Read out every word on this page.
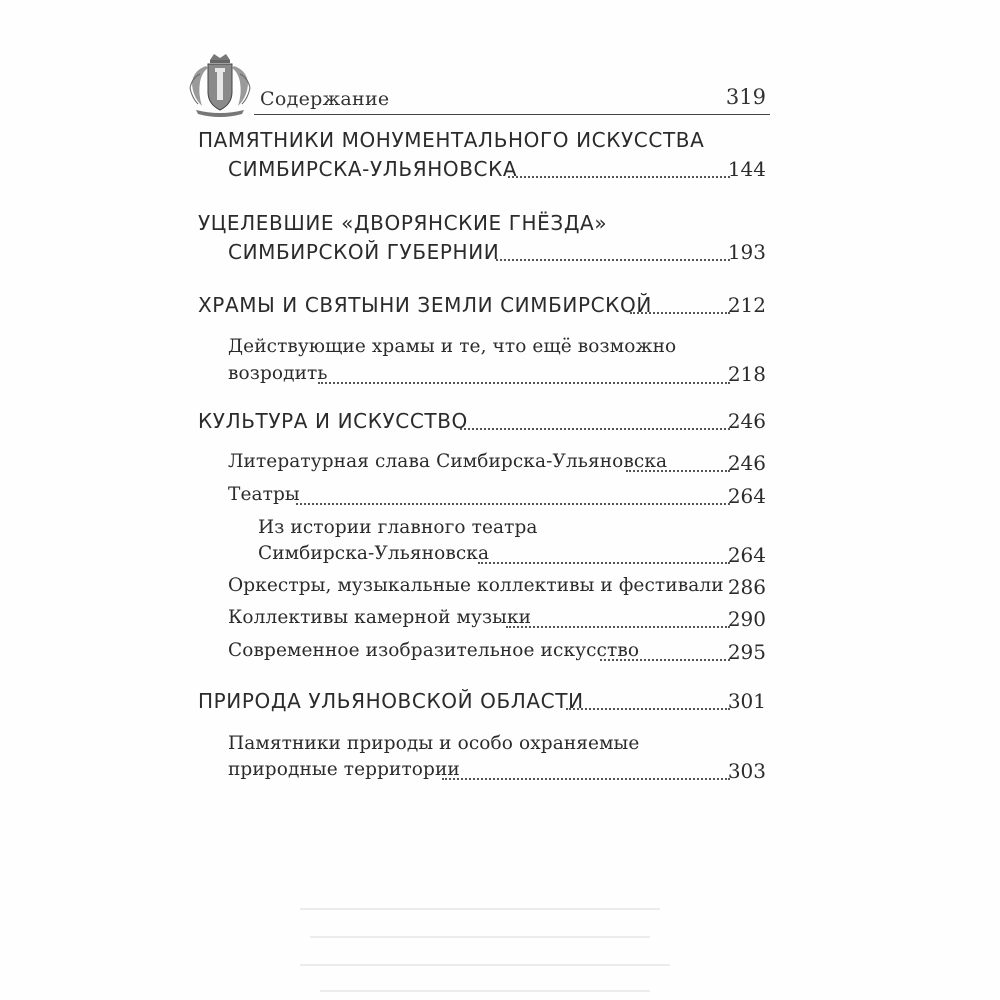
Содержание	319
ПАМЯТНИКИ МОНУМЕНТАЛЬНОГО ИСКУССТВА
СИМБИРСКА-УЛЬЯНОВСКА	144
УЦЕЛЕВШИЕ «ДВОРЯНСКИЕ ГНЁЗДА»
СИМБИРСКОЙ ГУБЕРНИИ	193
ХРАМЫ И СВЯТЫНИ ЗЕМЛИ СИМБИРСКОЙ	212
Действующие храмы и те, что ещё возможно
возродить	218
КУЛЬТУРА И ИСКУССТВО	246
Литературная слава Симбирска-Ульяновска	246
Театры	264
Из истории главного театра
Симбирска-Ульяновска	264
Оркестры, музыкальные коллективы и фестивали 286
Коллективы камерной музыки	290
Современное изобразительное искусство	295
ПРИРОДА УЛЬЯНОВСКОЙ ОБЛАСТИ	301
Памятники природы и особо охраняемые
природные территории	303
